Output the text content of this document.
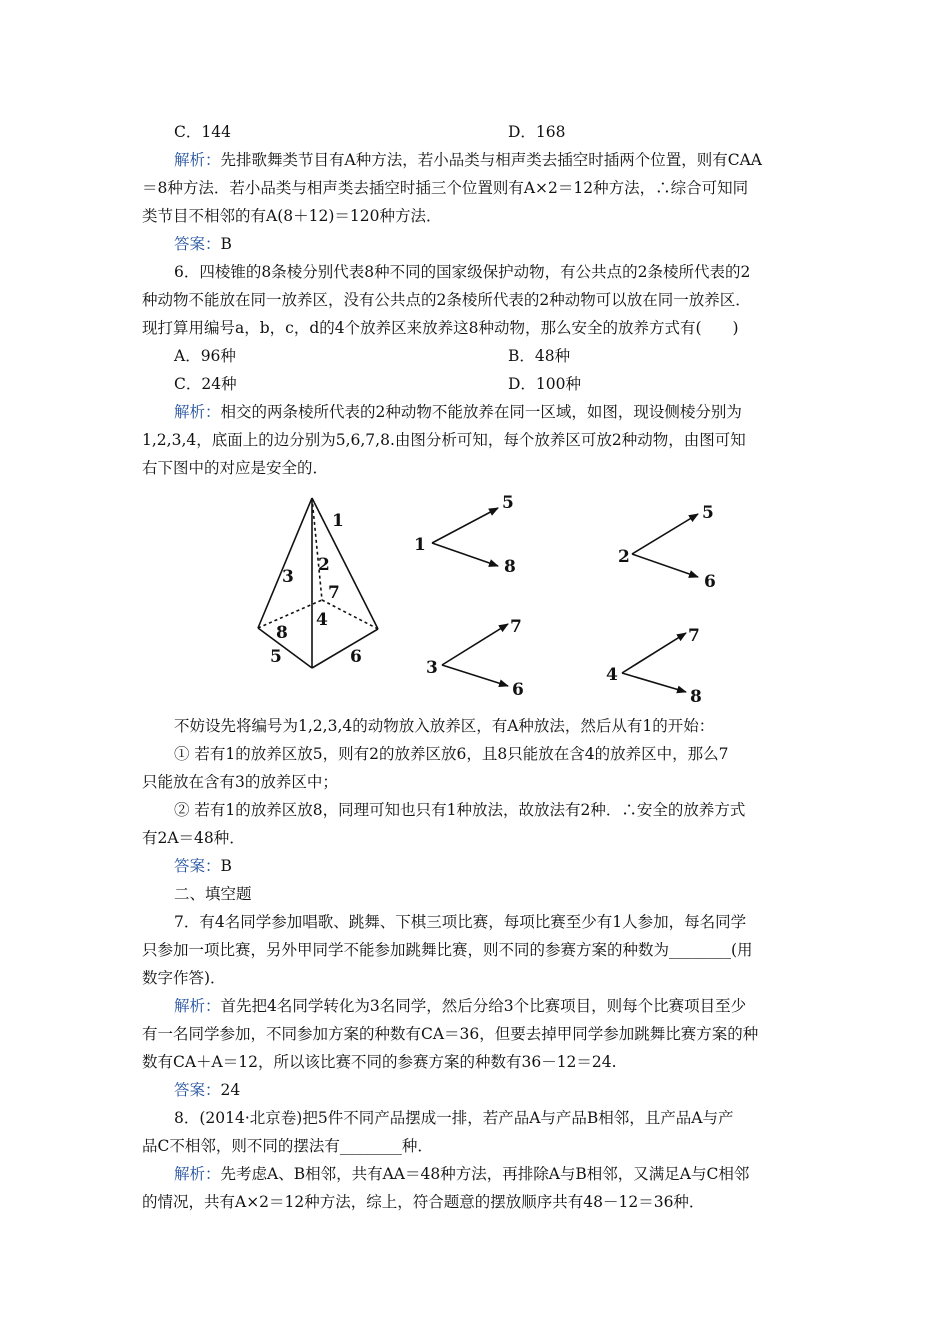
C．144	D．168
解析：先排歌舞类节目有A种方法，若小品类与相声类去插空时插两个位置，则有CAA
＝8种方法．若小品类与相声类去插空时插三个位置则有A×2＝12种方法，∴综合可知同
类节目不相邻的有A(8＋12)＝120种方法．
答案：B
6．四棱锥的8条棱分别代表8种不同的国家级保护动物，有公共点的2条棱所代表的2
种动物不能放在同一放养区，没有公共点的2条棱所代表的2种动物可以放在同一放养区．
现打算用编号a，b，c，d的4个放养区来放养这8种动物，那么安全的放养方式有(　　)
A．96种	B．48种
C．24种	D．100种
解析：相交的两条棱所代表的2种动物不能放养在同一区域，如图，现设侧棱分别为
1,2,3,4，底面上的边分别为5,6,7,8.由图分析可知，每个放养区可放2种动物，由图可知
右下图中的对应是安全的．
1
2
3
4
5	6
7
8
1
5
8	2
5
6
3
7
6
4
7
8
不妨设先将编号为1,2,3,4的动物放入放养区，有A种放法，然后从有1的开始：
① 若有1的放养区放5，则有2的放养区放6，且8只能放在含4的放养区中，那么7
只能放在含有3的放养区中；
② 若有1的放养区放8，同理可知也只有1种放法，故放法有2种．∴安全的放养方式
有2A＝48种．
答案：B
二、填空题
7．有4名同学参加唱歌、跳舞、下棋三项比赛，每项比赛至少有1人参加，每名同学
只参加一项比赛，另外甲同学不能参加跳舞比赛，则不同的参赛方案的种数为________(用
数字作答)．
解析：首先把4名同学转化为3名同学，然后分给3个比赛项目，则每个比赛项目至少
有一名同学参加，不同参加方案的种数有CA＝36，但要去掉甲同学参加跳舞比赛方案的种
数有CA＋A＝12，所以该比赛不同的参赛方案的种数有36－12＝24.
答案：24
8．(2014·北京卷)把5件不同产品摆成一排，若产品A与产品B相邻，且产品A与产
品C不相邻，则不同的摆法有________种．
解析：先考虑A、B相邻，共有AA＝48种方法，再排除A与B相邻，又满足A与C相邻
的情况，共有A×2＝12种方法，综上，符合题意的摆放顺序共有48－12＝36种．
